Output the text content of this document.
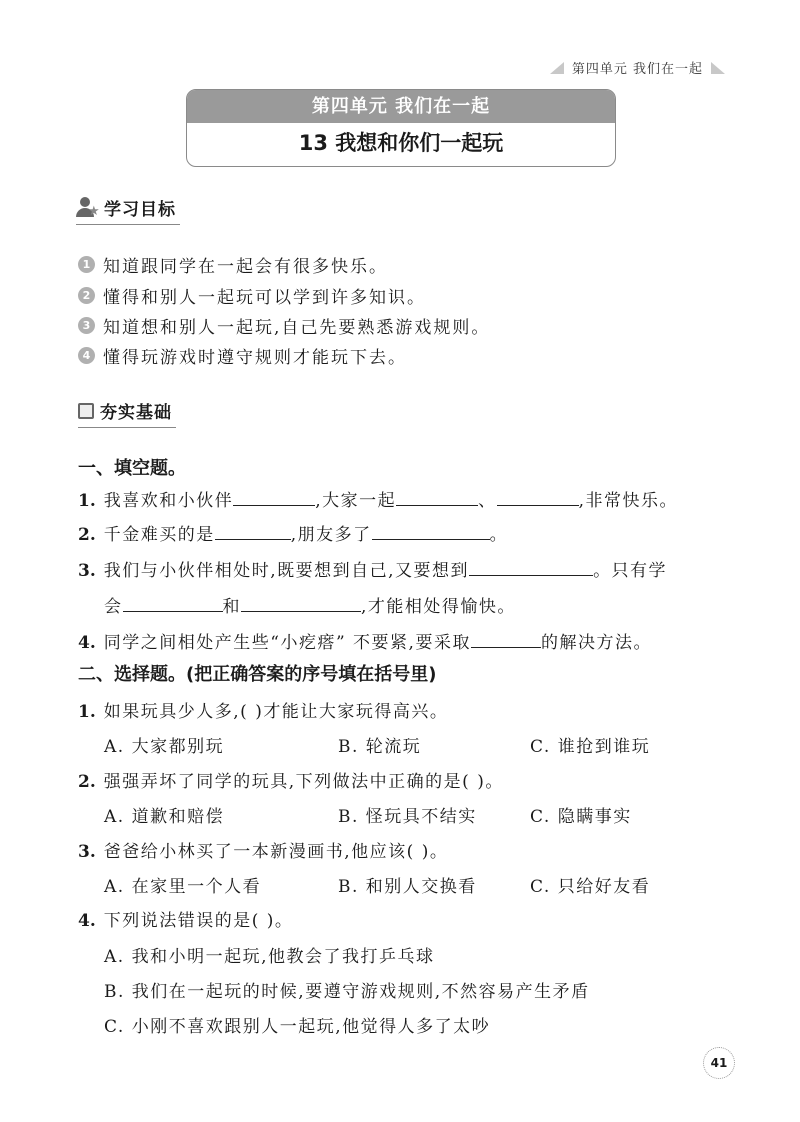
第四单元 我们在一起
第四单元 我们在一起
13 我想和你们一起玩
★ 学习目标
1 知道跟同学在一起会有很多快乐。
2 懂得和别人一起玩可以学到许多知识。
3 知道想和别人一起玩,自己先要熟悉游戏规则。
4 懂得玩游戏时遵守规则才能玩下去。
夯实基础
一、填空题。
1. 我喜欢和小伙伴	,大家一起	、	,非常快乐。
2. 千金难买的是	,朋友多了	。
3. 我们与小伙伴相处时,既要想到自己,又要想到	。只有学
会	和	,才能相处得愉快。
4. 同学之间相处产生些“小疙瘩” 不要紧,要采取	的解决方法。
二、选择题。(把正确答案的序号填在括号里)
1. 如果玩具少人多,( )才能让大家玩得高兴。
A. 大家都别玩	B. 轮流玩	C. 谁抢到谁玩
2. 强强弄坏了同学的玩具,下列做法中正确的是( )。
A. 道歉和赔偿	B. 怪玩具不结实	C. 隐瞒事实
3. 爸爸给小林买了一本新漫画书,他应该( )。
A. 在家里一个人看	B. 和别人交换看	C. 只给好友看
4. 下列说法错误的是( )。
A. 我和小明一起玩,他教会了我打乒乓球
B. 我们在一起玩的时候,要遵守游戏规则,不然容易产生矛盾
C. 小刚不喜欢跟别人一起玩,他觉得人多了太吵
41
